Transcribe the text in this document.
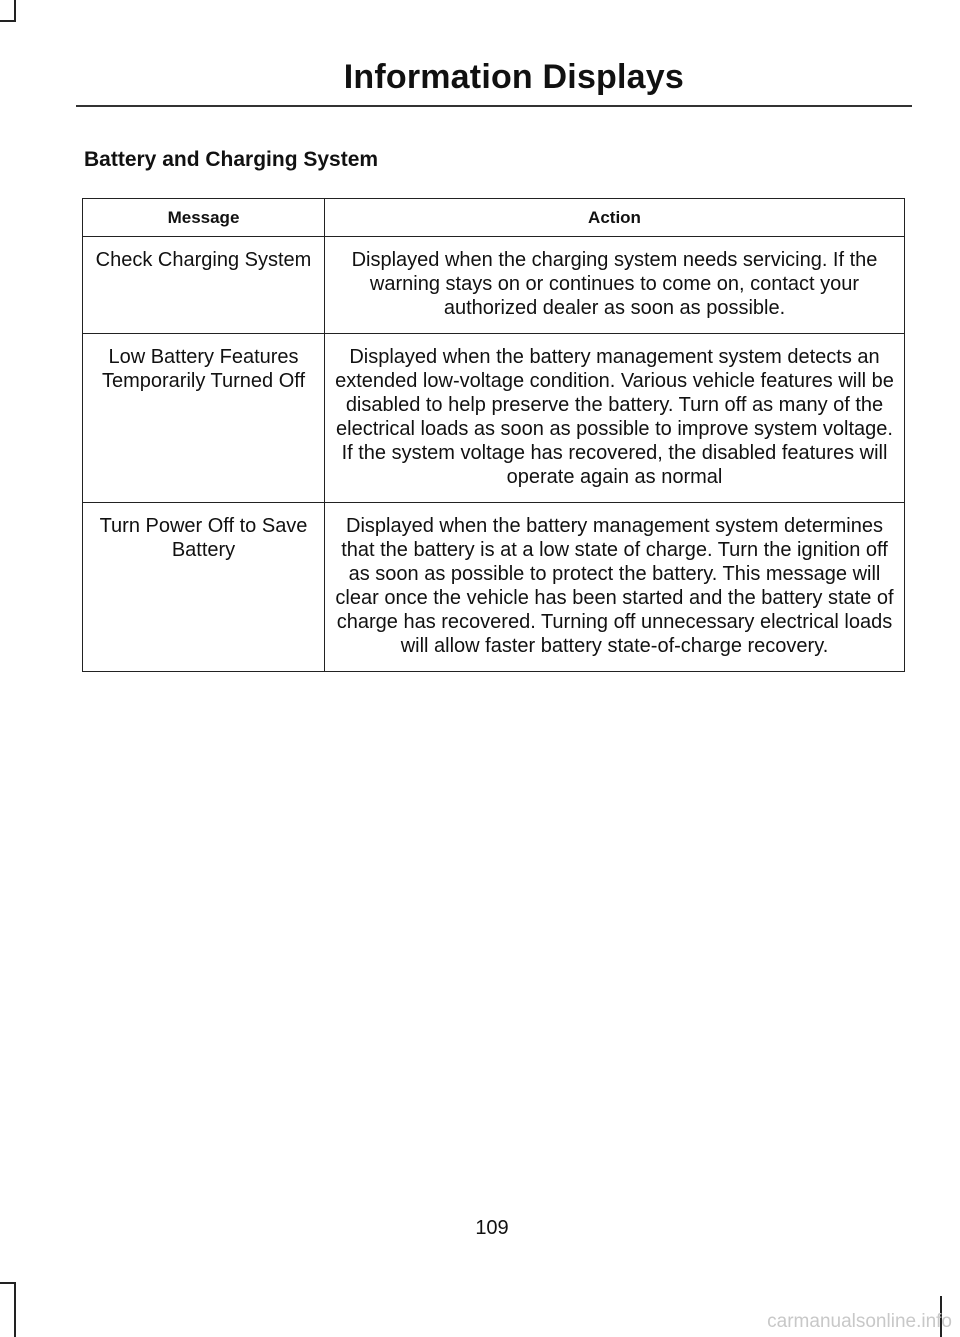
Information Displays
Battery and Charging System
Message	Action
Check Charging System	Displayed when the charging system needs servicing. If the warning stays on or continues to come on, contact your authorized dealer as soon as possible.
Low Battery Features Temporarily Turned Off	Displayed when the battery management system detects an extended low-voltage condition. Various vehicle features will be disabled to help preserve the battery. Turn off as many of the electrical loads as soon as possible to improve system voltage. If the system voltage has recovered, the disabled features will operate again as normal
Turn Power Off to Save Battery	Displayed when the battery management system determines that the battery is at a low state of charge. Turn the ignition off as soon as possible to protect the battery. This message will clear once the vehicle has been started and the battery state of charge has recovered. Turning off unnecessary electrical loads will allow faster battery state-of-charge recovery.
109
carmanualsonline.info
